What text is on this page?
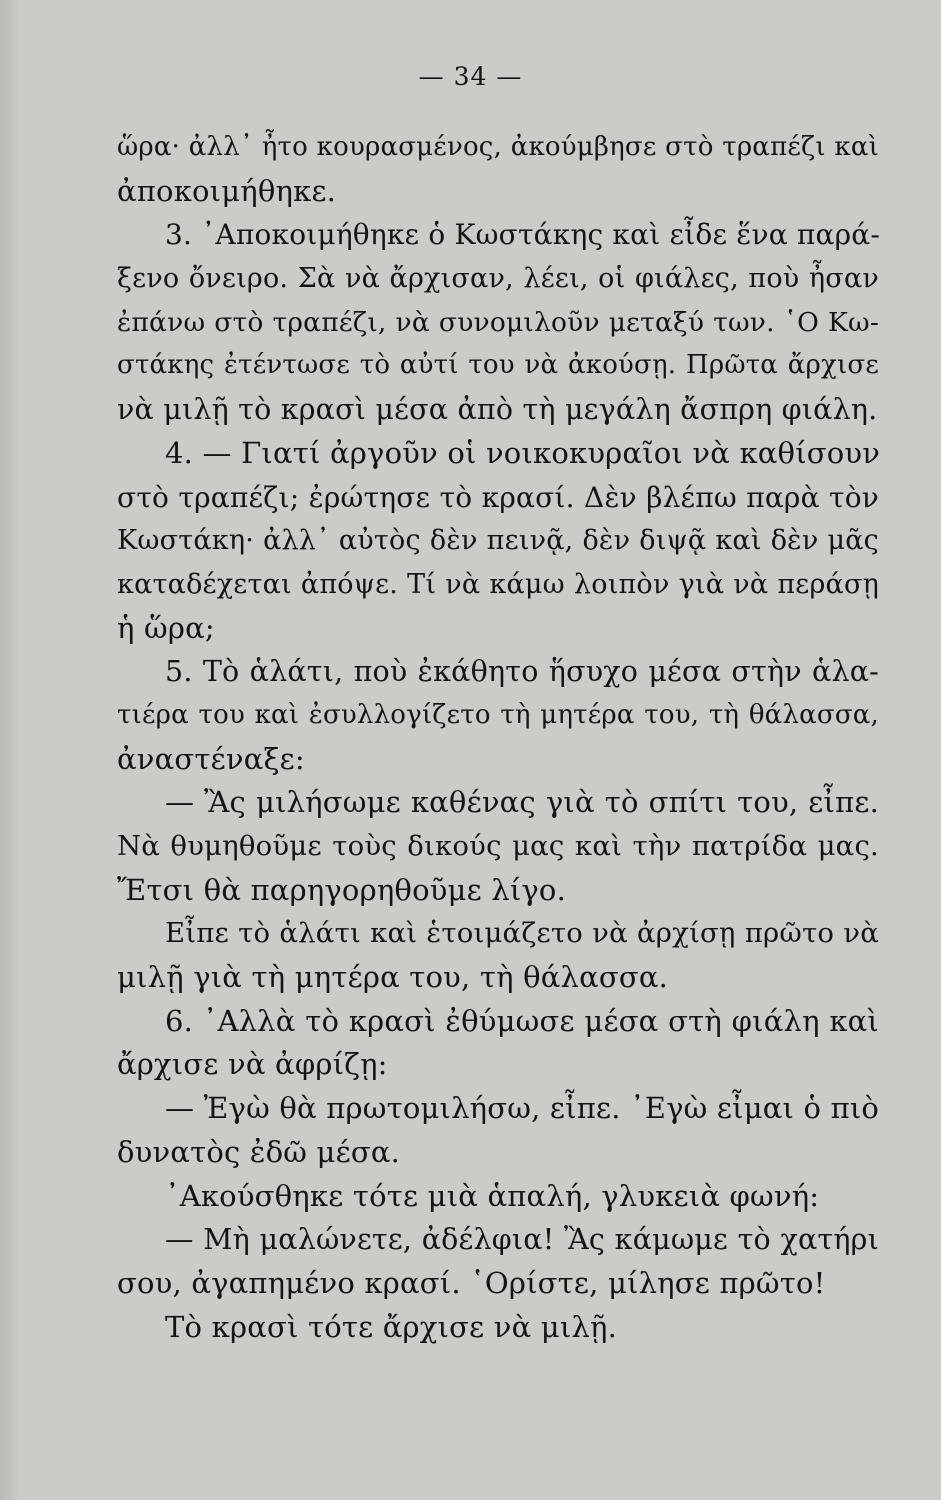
— 34 —
ὥρα· ἀλλ᾽ ἦτο κουρασμένος, ἀκούμβησε στὸ τραπέζι καὶ
ἀποκοιμήθηκε.
3. ᾿Αποκοιμήθηκε ὁ Κωστάκης καὶ εἶδε ἕνα παρά-
ξενο ὄνειρο. Σὰ νὰ ἄρχισαν, λέει, οἱ φιάλες, ποὺ ἦσαν
ἐπάνω στὸ τραπέζι, νὰ συνομιλοῦν μεταξύ των. ῾Ο Κω-
στάκης ἐτέντωσε τὸ αὐτί του νὰ ἀκούσῃ. Πρῶτα ἄρχισε
νὰ μιλῇ τὸ κρασὶ μέσα ἀπὸ τὴ μεγάλη ἄσπρη φιάλη.
4. — Γιατί ἀργοῦν οἱ νοικοκυραῖοι νὰ καθίσουν
στὸ τραπέζι; ἐρώτησε τὸ κρασί. Δὲν βλέπω παρὰ τὸν
Κωστάκη· ἀλλ᾽ αὐτὸς δὲν πεινᾷ, δὲν διψᾷ καὶ δὲν μᾶς
καταδέχεται ἀπόψε. Τί νὰ κάμω λοιπὸν γιὰ νὰ περάσῃ
ἡ ὥρα;
5. Τὸ ἁλάτι, ποὺ ἐκάθητο ἥσυχο μέσα στὴν ἁλα-
τιέρα του καὶ ἐσυλλογίζετο τὴ μητέρα του, τὴ θάλασσα,
ἀναστέναξε:
— Ἂς μιλήσωμε καθένας γιὰ τὸ σπίτι του, εἶπε.
Νὰ θυμηθοῦμε τοὺς δικούς μας καὶ τὴν πατρίδα μας.
Ἔτσι θὰ παρηγορηθοῦμε λίγο.
Εἶπε τὸ ἁλάτι καὶ ἑτοιμάζετο νὰ ἀρχίσῃ πρῶτο νὰ
μιλῇ γιὰ τὴ μητέρα του, τὴ θάλασσα.
6. ᾿Αλλὰ τὸ κρασὶ ἐθύμωσε μέσα στὴ φιάλη καὶ
ἄρχισε νὰ ἀφρίζῃ:
— Ἐγὼ θὰ πρωτομιλήσω, εἶπε. ᾿Εγὼ εἶμαι ὁ πιὸ
δυνατὸς ἐδῶ μέσα.
᾿Ακούσθηκε τότε μιὰ ἁπαλή, γλυκειὰ φωνή:
— Μὴ μαλώνετε, ἀδέλφια! Ἂς κάμωμε τὸ χατήρι
σου, ἀγαπημένο κρασί. ῾Ορίστε, μίλησε πρῶτο!
Τὸ κρασὶ τότε ἄρχισε νὰ μιλῇ.
